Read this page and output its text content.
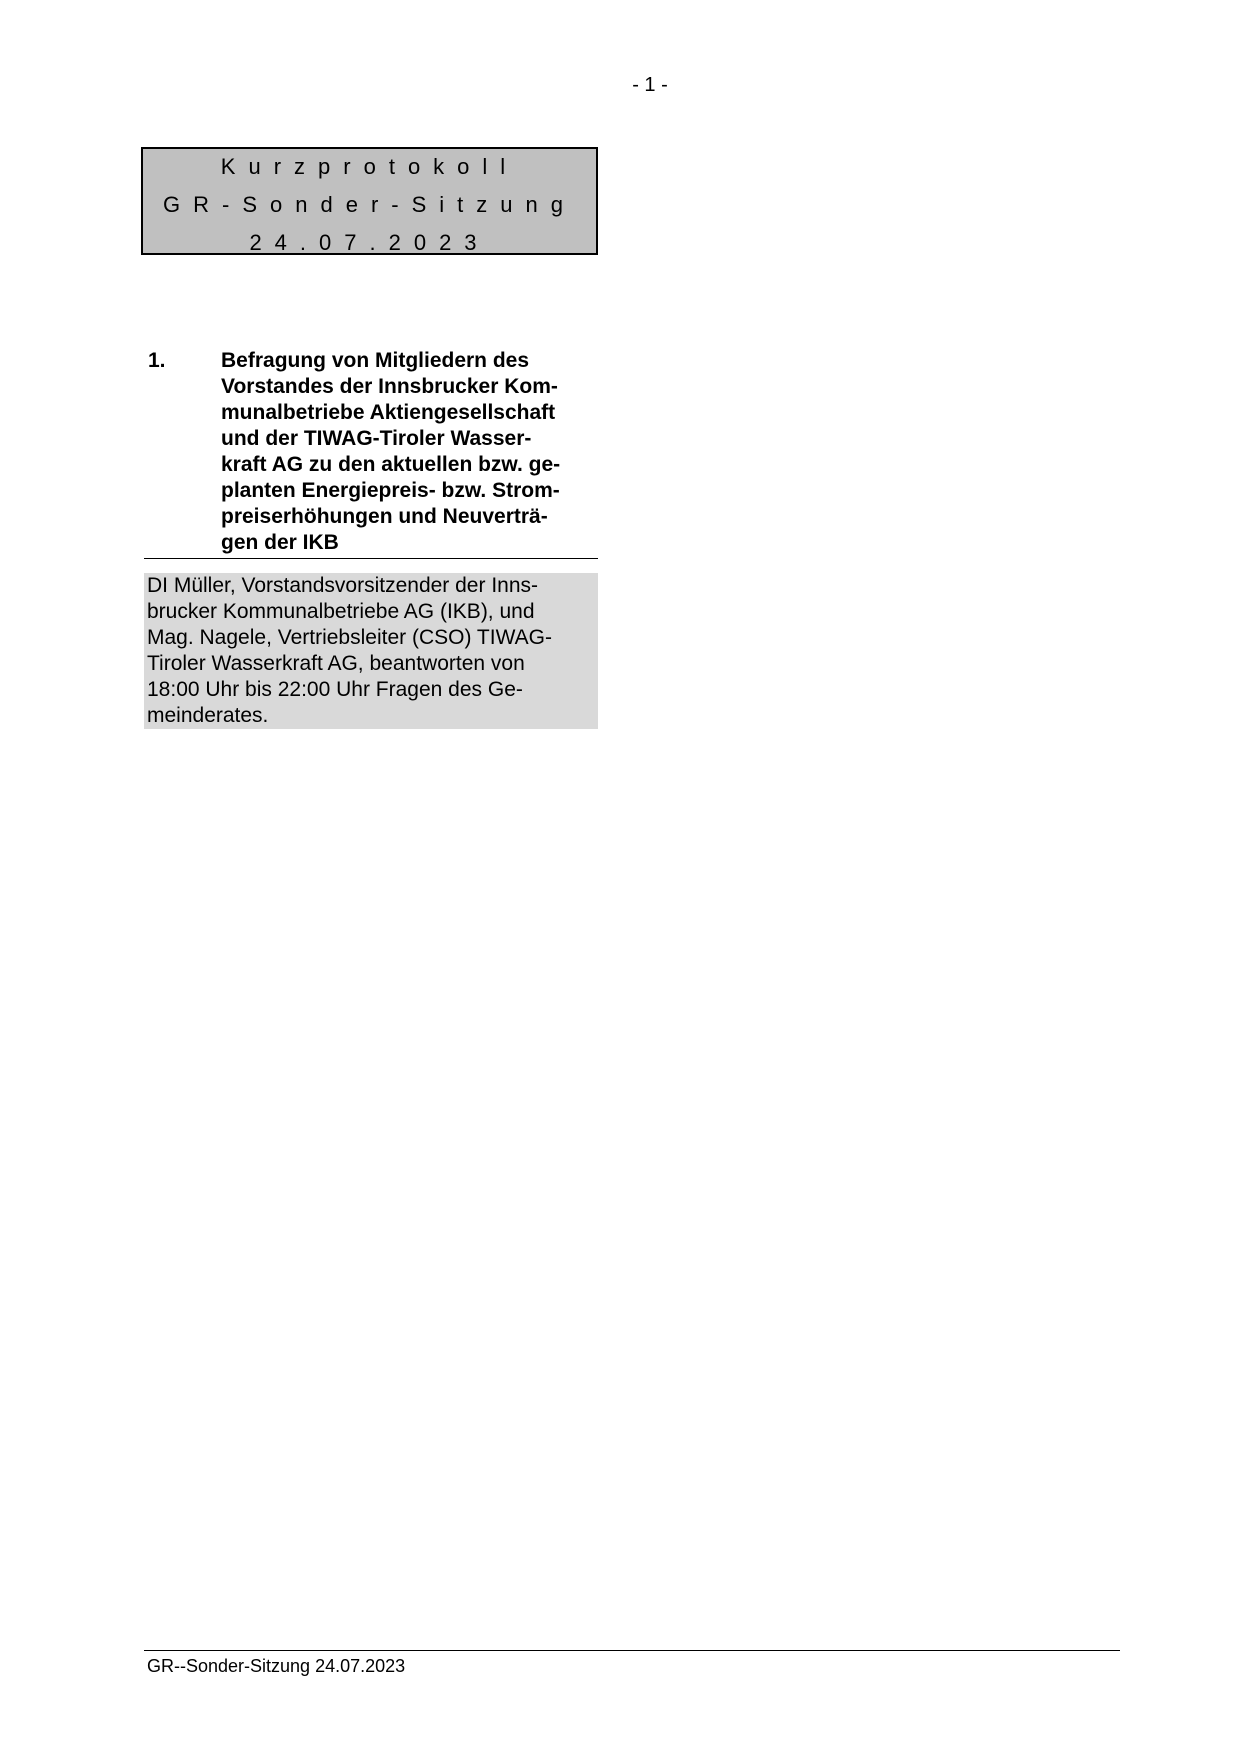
- 1 -
Kurzprotokoll
GR-Sonder-Sitzung
24.07.2023
1.	Befragung von Mitgliedern des
Vorstandes der Innsbrucker Kom-
munalbetriebe Aktiengesellschaft
und der TIWAG-Tiroler Wasser-
kraft AG zu den aktuellen bzw. ge-
planten Energiepreis- bzw. Strom-
preiserhöhungen und Neuverträ-
gen der IKB
DI Müller, Vorstandsvorsitzender der Inns-
brucker Kommunalbetriebe AG (IKB), und
Mag. Nagele, Vertriebsleiter (CSO) TIWAG-
Tiroler Wasserkraft AG, beantworten von
18:00 Uhr bis 22:00 Uhr Fragen des Ge-
meinderates.
GR--Sonder-Sitzung 24.07.2023
